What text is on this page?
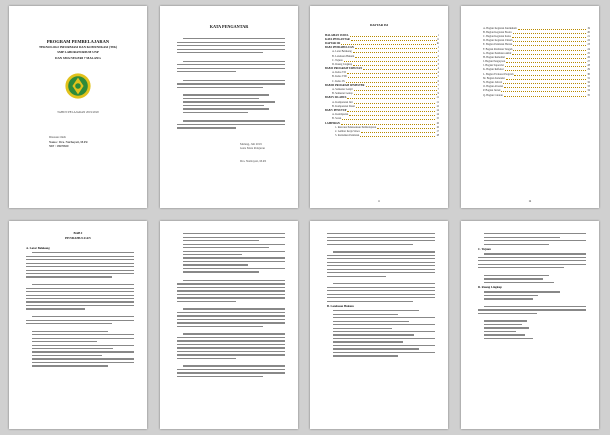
PROGRAM PEMBELAJARAN
TEKNOLOGI INFORMASI DAN KOMUNIKASI (TIK)
SMP LABORATORIUM UNP
DAN SMA NEGERI 7 MALANG
TAHUN PELAJARAN 2019/2020
Disusun Oleh:
Nama : Dra. Nurhayati, M.Pd
NIP : 19670820
KATA PENGANTAR
Malang, Juli 2019
Guru Mata Pelajaran
Dra. Nurhayati, M.Pd
DAFTAR ISI
HALAMAN JUDUL	i
KATA PENGANTAR	ii
DAFTAR ISI	iii
BAB I PENDAHULUAN	1
A. Latar Belakang	1
B. Landasan Hukum	2
C. Tujuan	3
D. Ruang Lingkup	3
BAB II PROGRAM TAHUNAN	4
A. Kelas VII	4
B. Kelas VIII	5
C. Kelas IX	6
BAB III PROGRAM SEMESTER	7
A. Semester Ganjil	7
B. Semester Genap	9
BAB IV SILABUS	11
A. Kompetensi Inti	11
B. Kompetensi Dasar	12
BAB V PENUTUP	14
A. Kesimpulan	14
B. Saran	15
LAMPIRAN	16
1. Rencana Pelaksanaan Pembelajaran	16
2. Lembar Kerja Siswa	17
3. Instrumen Penilaian	18
ii
A. Bagian Kegiatan Kurikulum	19
B. Bagian Kegiatan Ekstra	20
C. Bagian Kegiatan Kelas	21
D. Bagian Kegiatan Umum	22
E. Bagian Penilaian Harian	23
F. Bagian Penilaian Tengah	24
G. Bagian Penilaian Akhir	25
H. Bagian Remedial	26
I. Bagian Pengayaan	27
J. Bagian Supervisi	28
K. Bagian Refleksi	29
L. Bagian Evaluasi Program	30
M. Bagian Kalender	31
N. Bagian Jadwal	32
O. Bagian Absensi	33
P. Bagian Jurnal	34
Q. Bagian Catatan	35
iii
BAB I
PENDAHULUAN
A. Latar Belakang
B. Landasan Hukum
C. Tujuan
D. Ruang Lingkup
